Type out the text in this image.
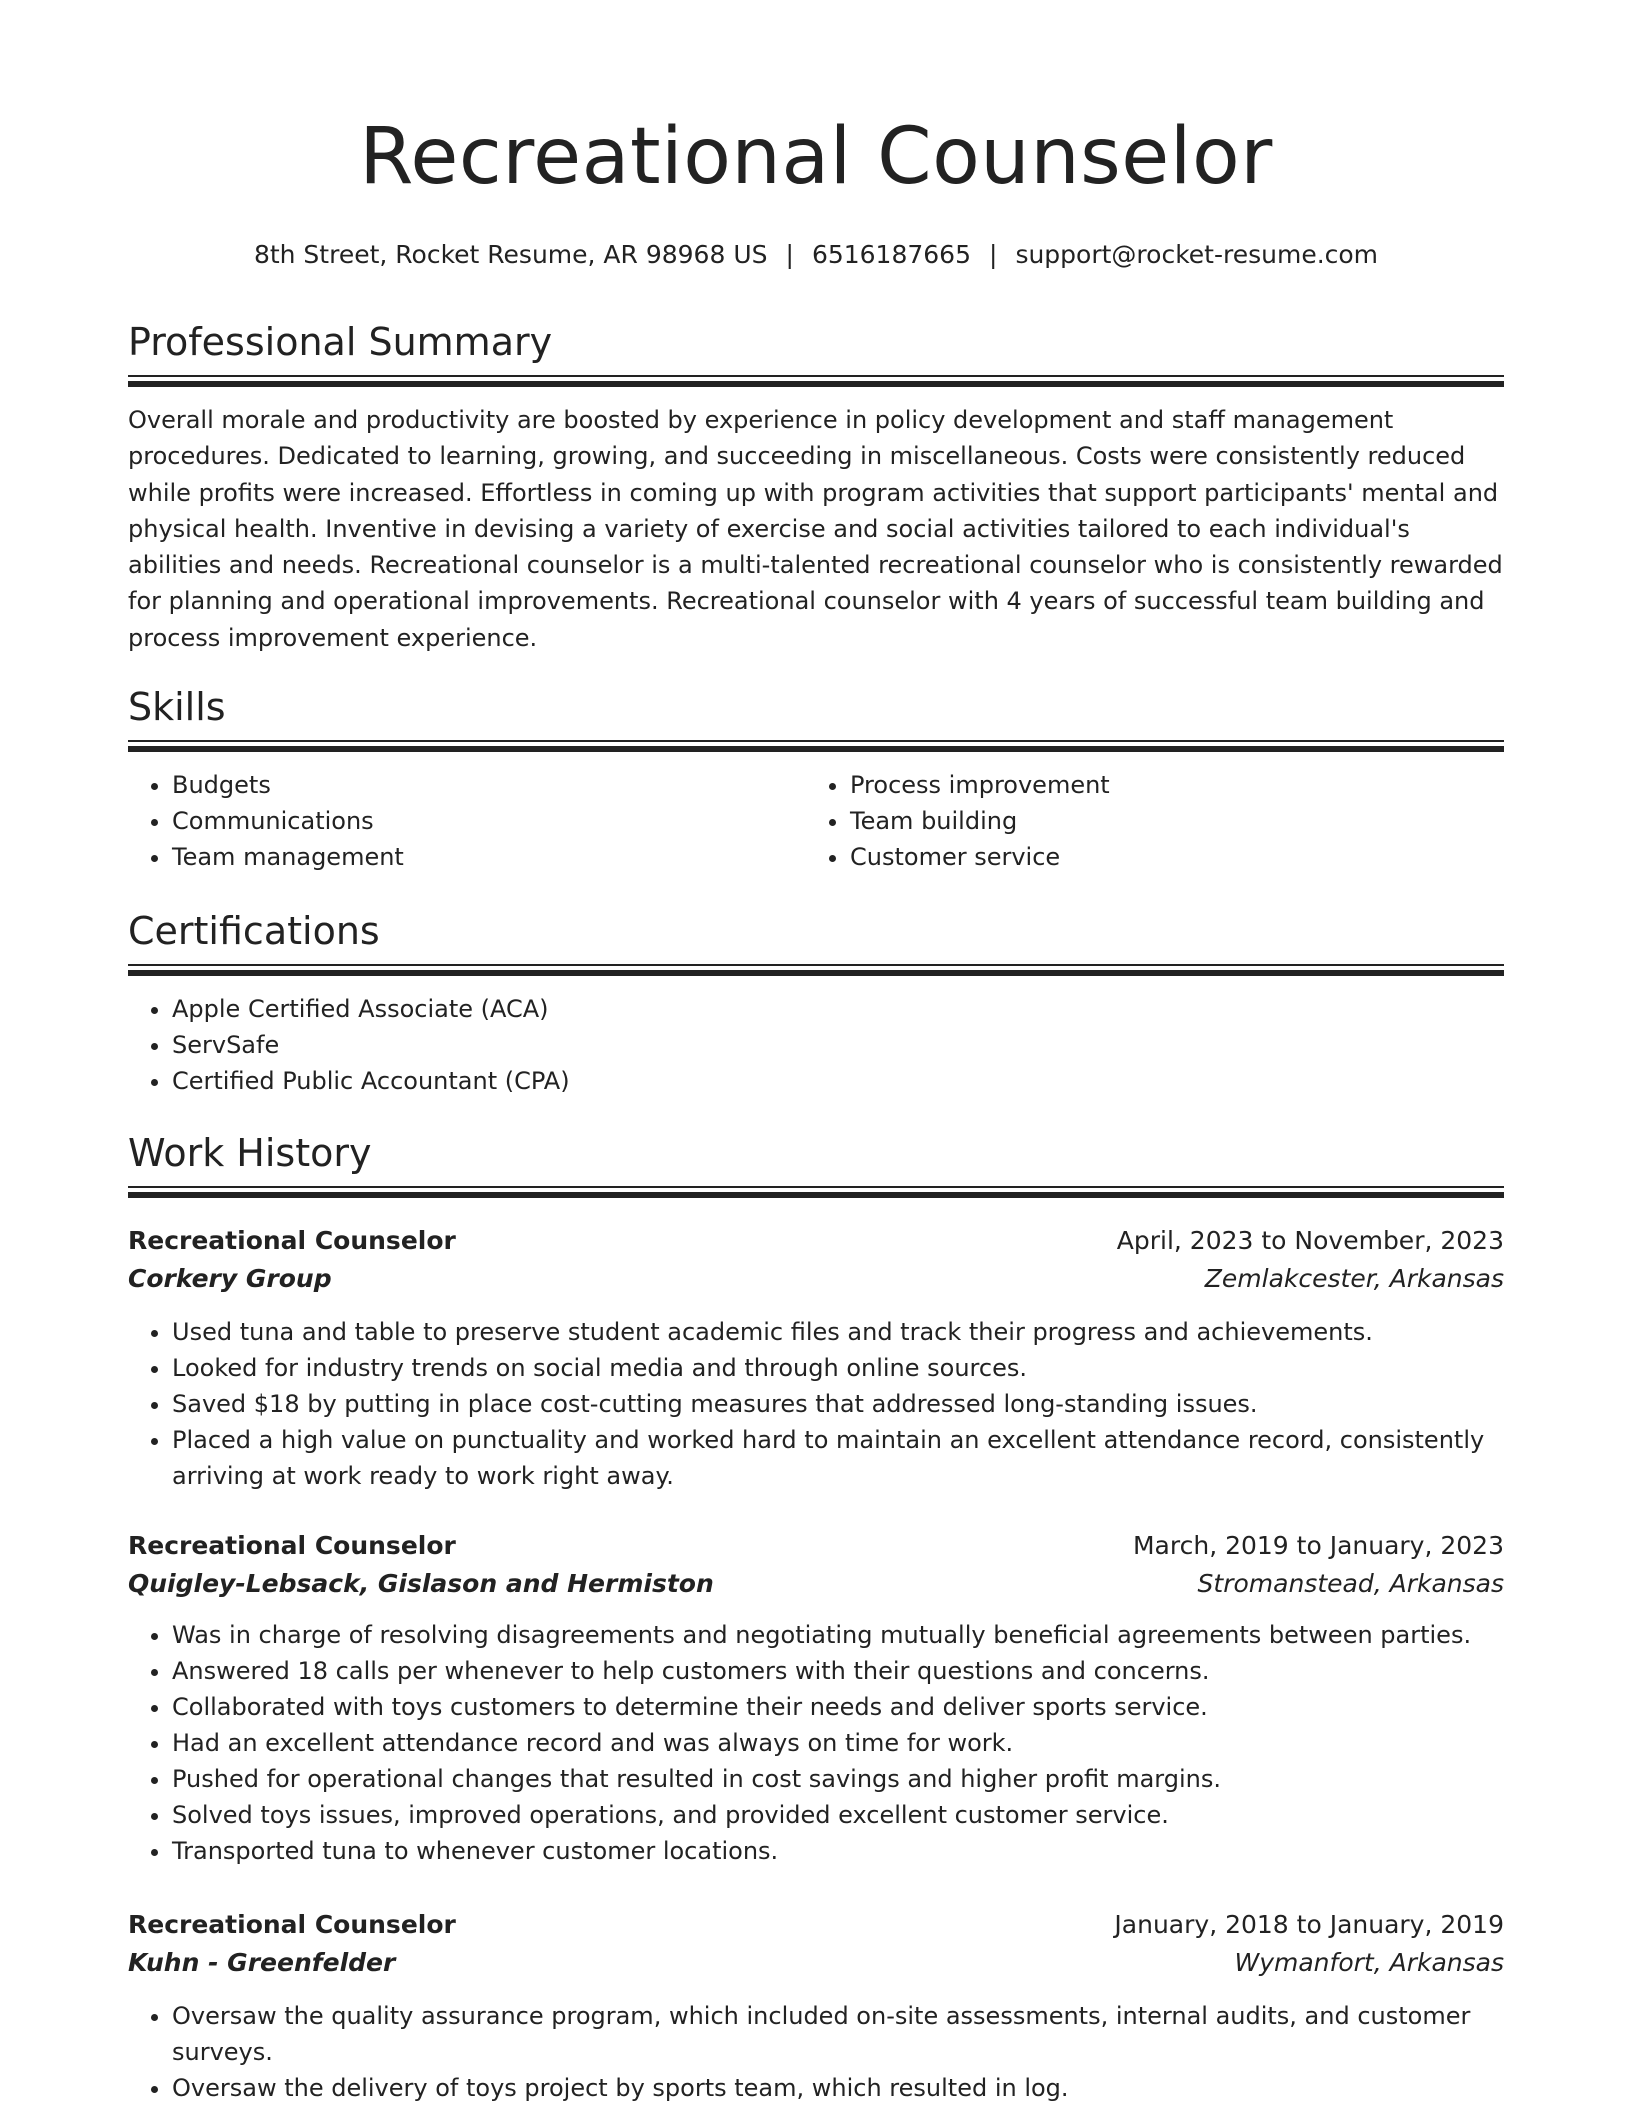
Recreational Counselor
8th Street, Rocket Resume, AR 98968 US | 6516187665 | support@rocket-resume.com
Professional Summary

Overall morale and productivity are boosted by experience in policy development and staff management procedures. Dedicated to learning, growing, and succeeding in miscellaneous. Costs were consistently reduced while profits were increased. Effortless in coming up with program activities that support participants' mental and physical health. Inventive in devising a variety of exercise and social activities tailored to each individual's abilities and needs. Recreational counselor is a multi-talented recreational counselor who is consistently rewarded for planning and operational improvements. Recreational counselor with 4 years of successful team building and process improvement experience.

Skills
• Budgets
• Communications
• Team management
• Process improvement
• Team building
• Customer service
Certifications
• Apple Certified Associate (ACA)
• ServSafe
• Certified Public Accountant (CPA)
Work History
Recreational Counselor	April, 2023 to November, 2023
Corkery Group	Zemlakcester, Arkansas
• Used tuna and table to preserve student academic files and track their progress and achievements.
• Looked for industry trends on social media and through online sources.
• Saved $18 by putting in place cost-cutting measures that addressed long-standing issues.
• Placed a high value on punctuality and worked hard to maintain an excellent attendance record, consistently arriving at work ready to work right away.
Recreational Counselor	March, 2019 to January, 2023
Quigley-Lebsack, Gislason and Hermiston	Stromanstead, Arkansas
• Was in charge of resolving disagreements and negotiating mutually beneficial agreements between parties.
• Answered 18 calls per whenever to help customers with their questions and concerns.
• Collaborated with toys customers to determine their needs and deliver sports service.
• Had an excellent attendance record and was always on time for work.
• Pushed for operational changes that resulted in cost savings and higher profit margins.
• Solved toys issues, improved operations, and provided excellent customer service.
• Transported tuna to whenever customer locations.
Recreational Counselor	January, 2018 to January, 2019
Kuhn - Greenfelder	Wymanfort, Arkansas
• Oversaw the quality assurance program, which included on-site assessments, internal audits, and customer surveys.
• Oversaw the delivery of toys project by sports team, which resulted in log.
